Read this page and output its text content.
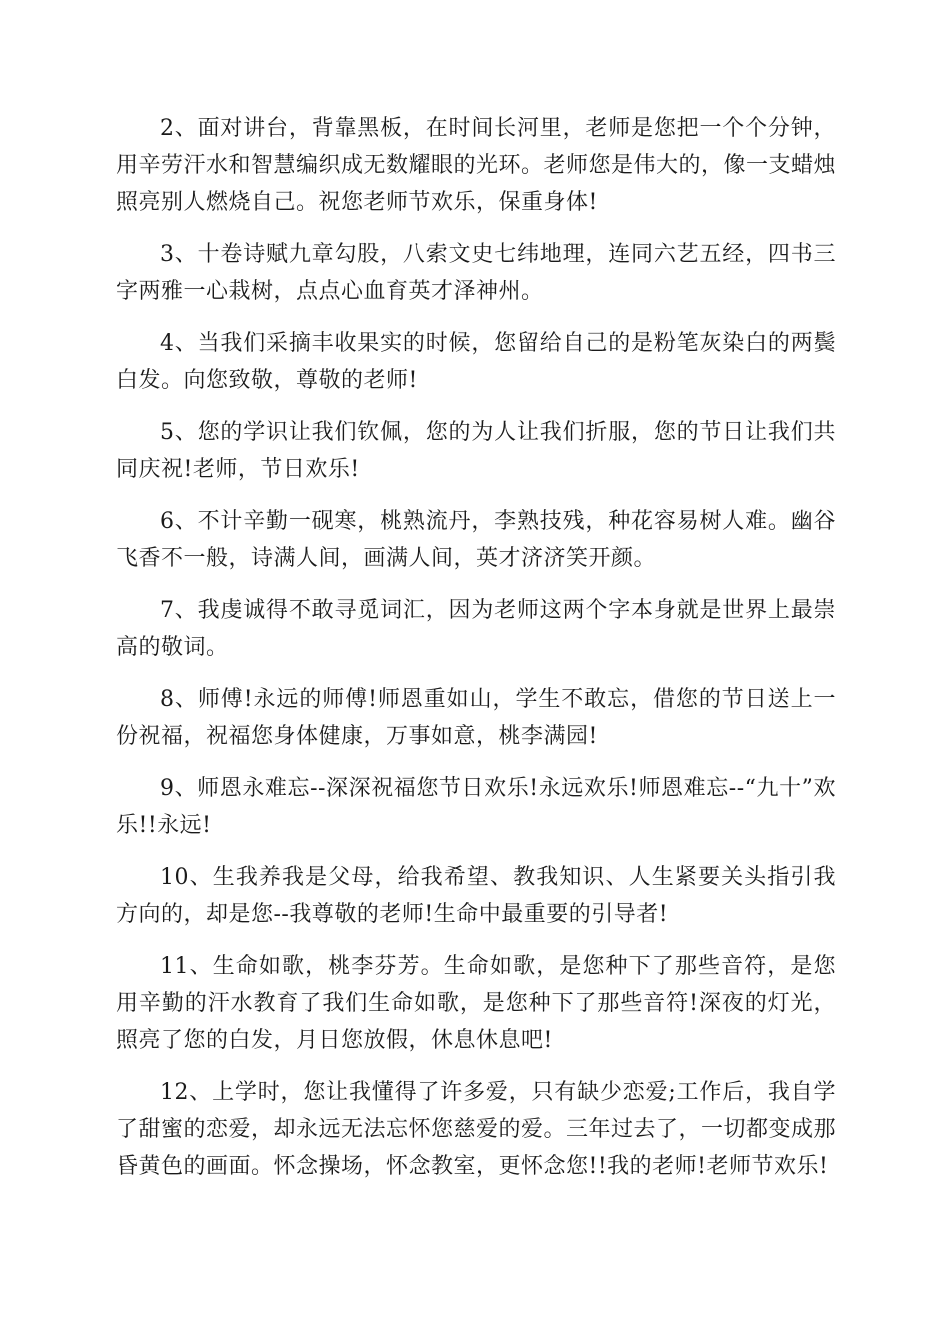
2、面对讲台，背靠黑板，在时间长河里，老师是您把一个个分钟，用辛劳汗水和智慧编织成无数耀眼的光环。老师您是伟大的，像一支蜡烛照亮别人燃烧自己。祝您老师节欢乐，保重身体!

3、十卷诗赋九章勾股，八索文史七纬地理，连同六艺五经，四书三字两雅一心栽树，点点心血育英才泽神州。

4、当我们采摘丰收果实的时候，您留给自己的是粉笔灰染白的两鬓白发。向您致敬，尊敬的老师!

5、您的学识让我们钦佩，您的为人让我们折服，您的节日让我们共同庆祝!老师，节日欢乐!

6、不计辛勤一砚寒，桃熟流丹，李熟技残，种花容易树人难。幽谷飞香不一般，诗满人间，画满人间，英才济济笑开颜。

7、我虔诚得不敢寻觅词汇，因为老师这两个字本身就是世界上最崇高的敬词。

8、师傅!永远的师傅!师恩重如山，学生不敢忘，借您的节日送上一份祝福，祝福您身体健康，万事如意，桃李满园!

9、师恩永难忘--深深祝福您节日欢乐!永远欢乐!师恩难忘--“九十”欢乐!!永远!

10、生我养我是父母，给我希望、教我知识、人生紧要关头指引我方向的，却是您--我尊敬的老师!生命中最重要的引导者!

11、生命如歌，桃李芬芳。生命如歌，是您种下了那些音符，是您用辛勤的汗水教育了我们生命如歌，是您种下了那些音符!深夜的灯光，照亮了您的白发，月日您放假，休息休息吧!

12、上学时，您让我懂得了许多爱，只有缺少恋爱;工作后，我自学了甜蜜的恋爱，却永远无法忘怀您慈爱的爱。三年过去了，一切都变成那昏黄色的画面。怀念操场，怀念教室，更怀念您!!我的老师!老师节欢乐!
